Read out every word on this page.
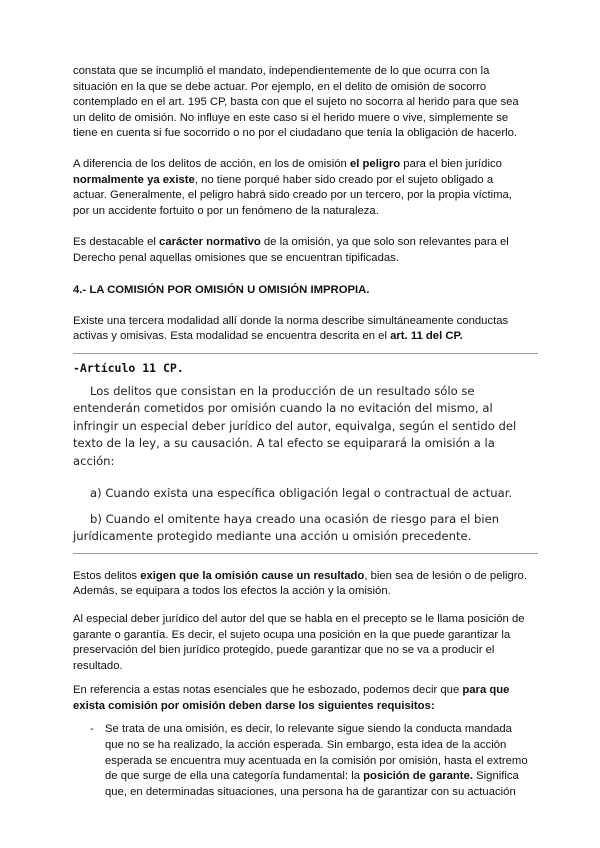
constata que se incumplió el mandato, independientemente de lo que ocurra con la situación en la que se debe actuar. Por ejemplo, en el delito de omisión de socorro contemplado en el art. 195 CP, basta con que el sujeto no socorra al herido para que sea un delito de omisión. No influye en este caso si el herido muere o vive, simplemente se tiene en cuenta si fue socorrido o no por el ciudadano que tenía la obligación de hacerlo.

A diferencia de los delitos de acción, en los de omisión el peligro para el bien jurídico normalmente ya existe, no tiene porqué haber sido creado por el sujeto obligado a actuar. Generalmente, el peligro habrá sido creado por un tercero, por la propia víctima, por un accidente fortuito o por un fenómeno de la naturaleza.

Es destacable el carácter normativo de la omisión, ya que solo son relevantes para el Derecho penal aquellas omisiones que se encuentran tipificadas.

4.- LA COMISIÓN POR OMISIÓN U OMISIÓN IMPROPIA.

Existe una tercera modalidad allí donde la norma describe simultáneamente conductas activas y omisivas. Esta modalidad se encuentra descrita en el art. 11 del CP.

-Artículo 11 CP.

Los delitos que consistan en la producción de un resultado sólo se entenderán cometidos por omisión cuando la no evitación del mismo, al infringir un especial deber jurídico del autor, equivalga, según el sentido del texto de la ley, a su causación. A tal efecto se equiparará la omisión a la acción:

a) Cuando exista una específica obligación legal o contractual de actuar.

b) Cuando el omitente haya creado una ocasión de riesgo para el bien jurídicamente protegido mediante una acción u omisión precedente.

Estos delitos exigen que la omisión cause un resultado, bien sea de lesión o de peligro. Además, se equipara a todos los efectos la acción y la omisión.

Al especial deber jurídico del autor del que se habla en el precepto se le llama posición de garante o garantía. Es decir, el sujeto ocupa una posición en la que puede garantizar la preservación del bien jurídico protegido, puede garantizar que no se va a producir el resultado.

En referencia a estas notas esenciales que he esbozado, podemos decir que para que exista comisión por omisión deben darse los siguientes requisitos:

- Se trata de una omisión, es decir, lo relevante sigue siendo la conducta mandada que no se ha realizado, la acción esperada. Sin embargo, esta idea de la acción esperada se encuentra muy acentuada en la comisión por omisión, hasta el extremo de que surge de ella una categoría fundamental: la posición de garante. Significa que, en determinadas situaciones, una persona ha de garantizar con su actuación
